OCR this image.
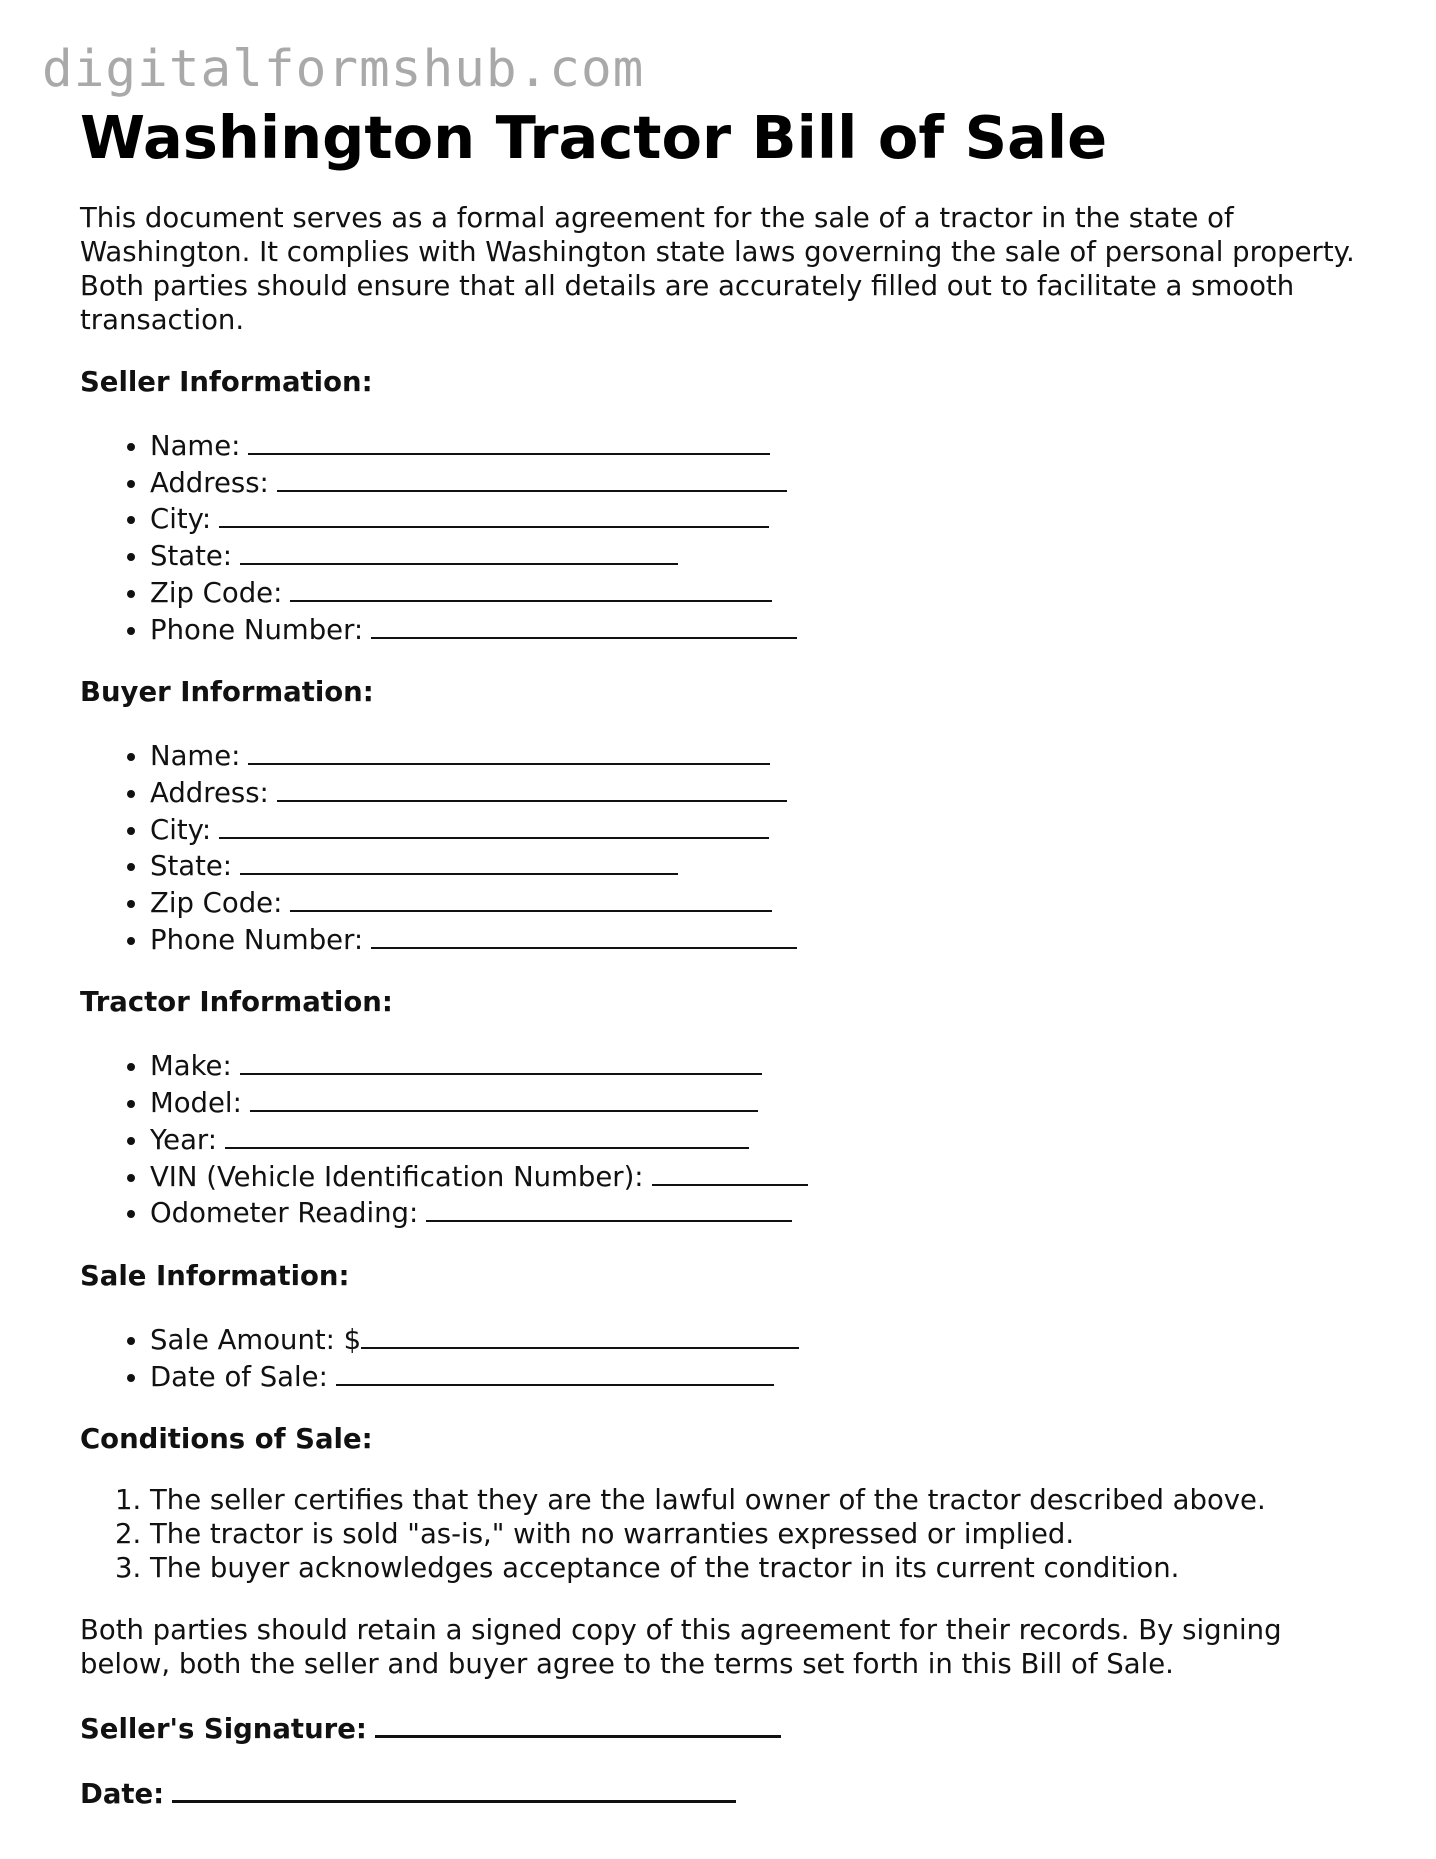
digitalformshub.com
Washington Tractor Bill of Sale

This document serves as a formal agreement for the sale of a tractor in the state of Washington. It complies with Washington state laws governing the sale of personal property. Both parties should ensure that all details are accurately filled out to facilitate a smooth transaction.

Seller Information:
• Name:
• Address:
• City:
• State:
• Zip Code:
• Phone Number:
Buyer Information:
• Name:
• Address:
• City:
• State:
• Zip Code:
• Phone Number:
Tractor Information:
• Make:
• Model:
• Year:
• VIN (Vehicle Identification Number):
• Odometer Reading:
Sale Information:
• Sale Amount: $
• Date of Sale:
Conditions of Sale:
1. The seller certifies that they are the lawful owner of the tractor described above.
2. The tractor is sold "as-is," with no warranties expressed or implied.
3. The buyer acknowledges acceptance of the tractor in its current condition.

Both parties should retain a signed copy of this agreement for their records. By signing below, both the seller and buyer agree to the terms set forth in this Bill of Sale.

Seller's Signature:
Date:
